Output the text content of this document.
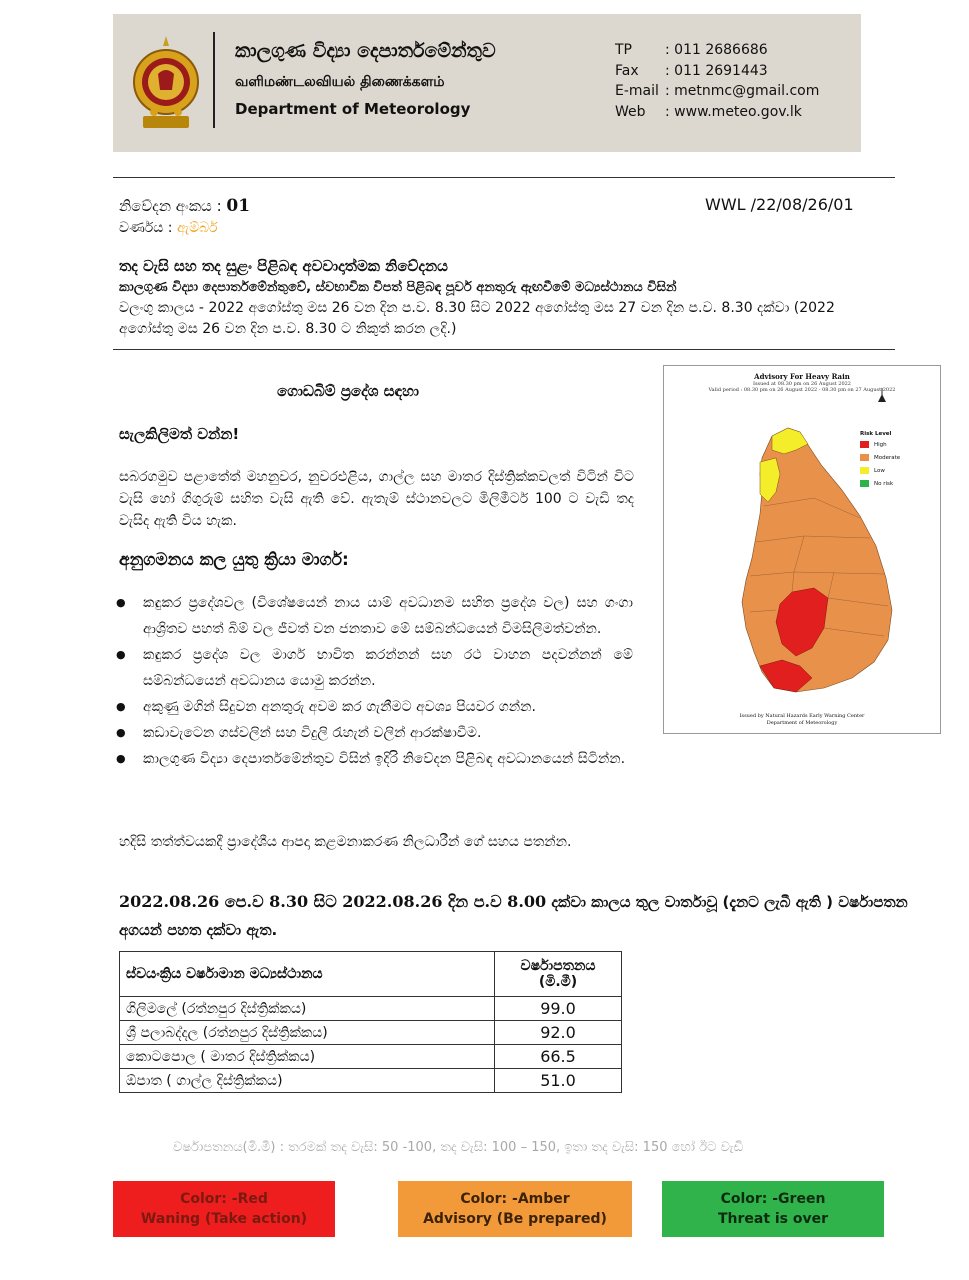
කාලගුණ විද්‍යා දෙපාර්තමේන්තුව
வளிமண்டலவியல் திணைக்களம்
Department of Meteorology
TP	: 011 2686686
Fax	: 011 2691443
E-mail : metnmc@gmail.com
Web	: www.meteo.gov.lk
නිවේදන අංකය : 01
වර්ණය : ඇම්බර්
WWL /22/08/26/01
තද වැසි සහ තද සුළං පිළිබඳ අවවාදාත්මක නිවේදනය
කාලගුණ විද්‍යා දෙපාර්තමේන්තුවේ, ස්වභාවික විපත් පිළිබඳ පූර්ව අනතුරු ඇඟවීමේ මධ්‍යස්ථානය විසින්
වලංගු කාලය - 2022 අගෝස්තු මස 26 වන දින ප.ව. 8.30 සිට 2022 අගෝස්තු මස 27 වන දින ප.ව. 8.30 දක්වා (2022 අගෝස්තු මස 26 වන දින ප.ව. 8.30 ට නිකුත් කරන ලදි.)
ගොඩබිම් ප්‍රදේශ සඳහා
සැලකිලිමත් වන්න!
සබරගමුව පළාතේත් මහනුවර, නුවරඑළිය, ගාල්ල සහ මාතර දිස්ත්‍රික්කවලත් විටින් විට වැසි හෝ ගිගුරුම් සහිත වැසි ඇති වේ. ඇතැම් ස්ථානවලට මිලිමීටර් 100 ට වැඩි තද වැසිද ඇති විය හැක.
අනුගමනය කල යුතු ක්‍රියා මාර්ග:
● කඳුකර ප්‍රදේශවල (විශේෂයෙන් නාය යාම් අවධානම සහිත ප්‍රදේශ වල) සහ ගංගා ආශ්‍රිතව පහත් බිම් වල ජීවත් වන ජනතාව මේ සම්බන්ධයෙන් විමසිලිමත්වන්න.
● කඳුකර ප්‍රදේශ වල මාර්ග භාවිත කරන්නන් සහ රථ වාහන පදවන්නන් මේ සම්බන්ධයෙන් අවධානය යොමු කරන්න.
● අකුණු මගින් සිදුවන අනතුරු අවම කර ගැනීමට අවශ්‍ය පියවර ගන්න.
● කඩාවැටෙන ගස්වලින් සහ විදුලි රැහැන් වලින් ආරක්ෂාවීම.
● කාලගුණ විද්‍යා දෙපාර්තමේන්තුව විසින් ඉදිරි නිවේදන පිළිබඳ අවධානයෙන් සිටින්න.
හදිසි තත්ත්වයකදී ප්‍රාදේශීය ආපදා කළමනාකරණ නිලධාරීන් ගේ සහය පතන්න.
Advisory For Heavy Rain
Issued at 08.30 pm on 26 August 2022
Valid period : 08.30 pm on 26 August 2022 - 08.30 pm on 27 August 2022
Risk Level
High
Moderate
Low
No risk
Issued by Natural Hazards Early Warning Center
Department of Meteorology
2022.08.26 පෙ.ව 8.30 සිට 2022.08.26 දින ප.ව 8.00 දක්වා කාලය තුල වාර්තාවූ (දැනට ලැබී ඇති ) වර්ෂාපතන අගයන් පහත දක්වා ඇත.
ස්වයංක්‍රිය වර්ෂාමාන මධ්‍යස්ථානය	වර්ෂාපතනය
(මි.මී)
ගිලිමලේ (රත්නපුර දිස්ත්‍රික්කය)	99.0
ශ්‍රී පලාබද්දල (රත්නපුර දිස්ත්‍රික්කය)	92.0
කොටපොල ( මාතර දිස්ත්‍රික්කය)	66.5
ඕපාත ( ගාල්ල දිස්ත්‍රික්කය)	51.0
වර්ෂාපතනය(මි.මී) : තරමක් තද වැසි: 50 -100, තද වැසි: 100 – 150, ඉතා තද වැසි: 150 හෝ ඊට වැඩි
Color: -Red
Waning (Take action)
Color: -Amber
Advisory (Be prepared)
Color: -Green
Threat is over
